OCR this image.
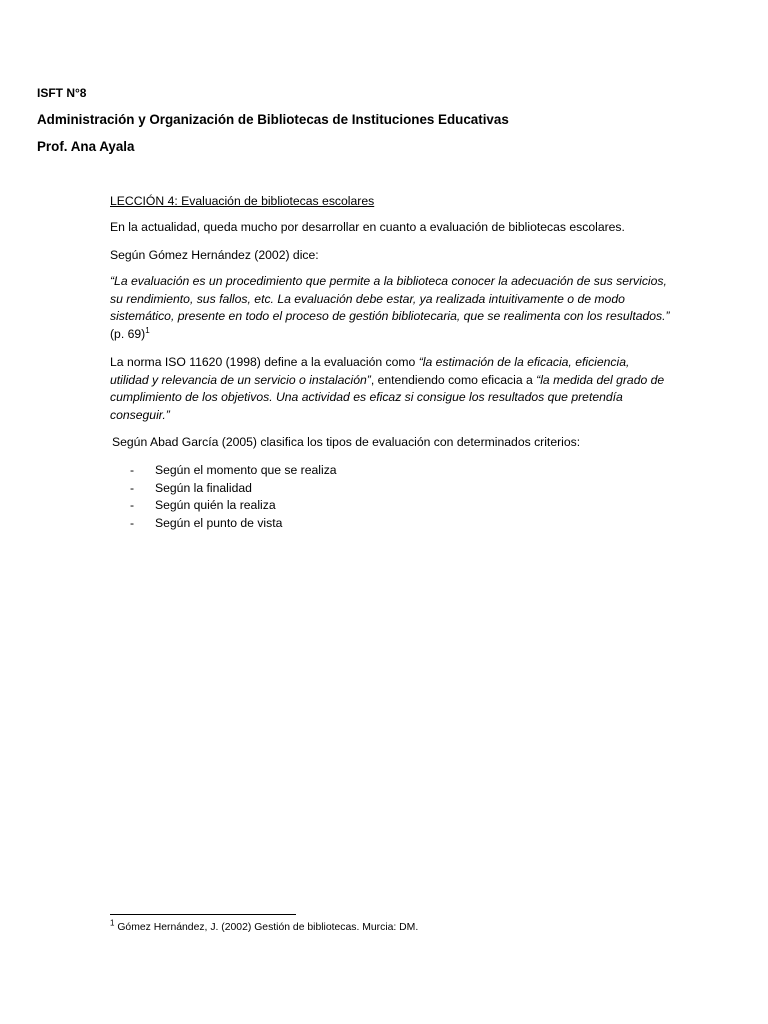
ISFT N°8
Administración y Organización de Bibliotecas de Instituciones Educativas
Prof. Ana Ayala
LECCIÓN 4: Evaluación de bibliotecas escolares

En la actualidad, queda mucho por desarrollar en cuanto a evaluación de bibliotecas escolares.

Según Gómez Hernández (2002) dice:

“La evaluación es un procedimiento que permite a la biblioteca conocer la adecuación de sus servicios, su rendimiento, sus fallos, etc. La evaluación debe estar, ya realizada intuitivamente o de modo sistemático, presente en todo el proceso de gestión bibliotecaria, que se realimenta con los resultados.” (p. 69)$^1$

La norma ISO 11620 (1998) define a la evaluación como “la estimación de la eficacia, eficiencia, utilidad y relevancia de un servicio o instalación”, entendiendo como eficacia a “la medida del grado de cumplimiento de los objetivos. Una actividad es eficaz si consigue los resultados que pretendía conseguir.”

Según Abad García (2005) clasifica los tipos de evaluación con determinados criterios:

-	Según el momento que se realiza
-	Según la finalidad
-	Según quién la realiza
-	Según el punto de vista
$^1$ Gómez Hernández, J. (2002) Gestión de bibliotecas. Murcia: DM.
